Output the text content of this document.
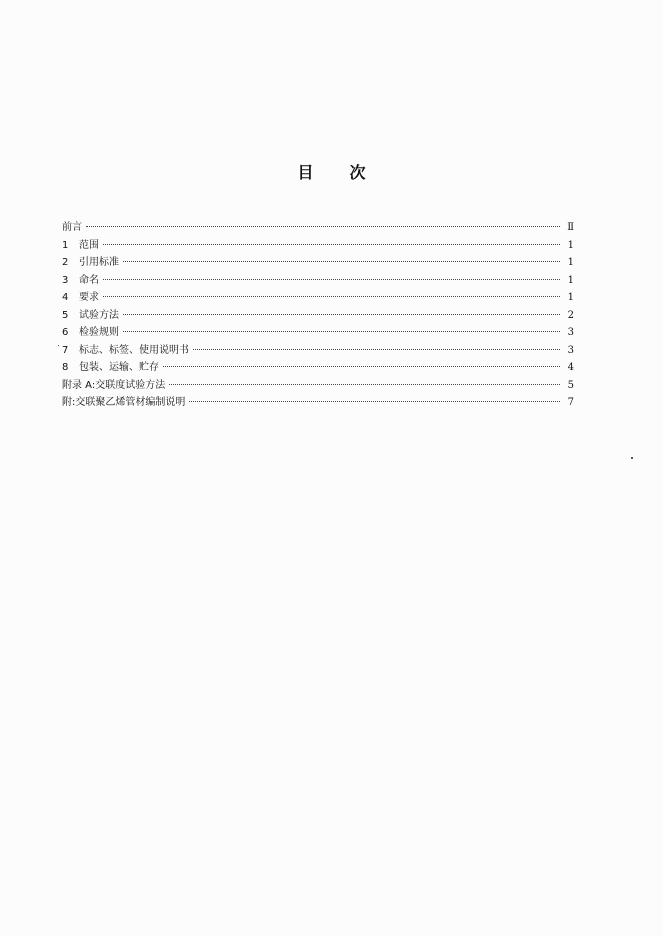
目 次
前言	Ⅱ
1	范围	1
2	引用标准	1
3	命名	1
4	要求	1
5	试验方法	2
6	检验规则	3
7	标志、标签、使用说明书	3
8	包装、运输、贮存	4
附录 A:交联度试验方法	5
附:交联聚乙烯管材编制说明	7
